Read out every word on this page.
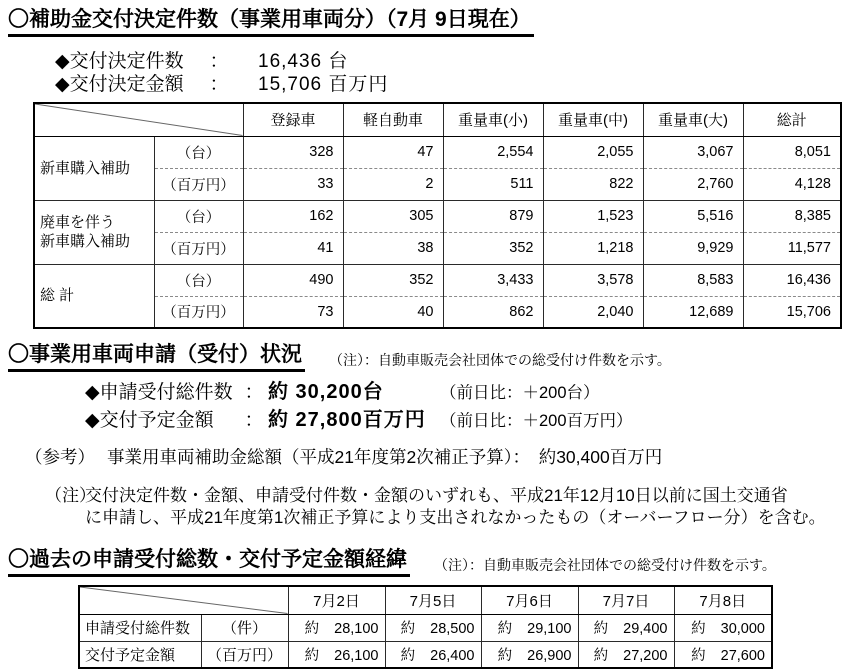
〇補助金交付決定件数（事業用車両分）（7月 9日現在）
◆交付決定件数	： 16,436 台
◆交付決定金額	： 15,706 百万円
	登録車	軽自動車	重量車(小)	重量車(中)	重量車(大)	総計
新車購入補助	（台）	328	47	2,554	2,055	3,067	8,051
	（百万円）	33	2	511	822	2,760	4,128
廃車を伴う
新車購入補助	（台）	162	305	879	1,523	5,516	8,385
	（百万円）	41	38	352	1,218	9,929	11,577
総 計	（台）	490	352	3,433	3,578	8,583	16,436
	（百万円）	73	40	862	2,040	12,689	15,706
〇事業用車両申請（受付）状況 （注）：自動車販売会社団体での総受付け件数を示す。
◆申請受付総件数 ： 約 30,200台	（前日比：＋200台）
◆交付予定金額	： 約 27,800百万円 （前日比：＋200百万円）
（参考） 事業用車両補助金総額（平成21年度第2次補正予算）：　約30,400百万円
（注）
交付決定件数・金額、申請受付件数・金額のいずれも、平成21年12月10日以前に国土交通省
に申請し、平成21年度第1次補正予算により支出されなかったもの（オーバーフロー分）を含む。
〇過去の申請受付総数・交付予定金額経緯 （注）：自動車販売会社団体での総受付け件数を示す。
	7月2日	7月5日	7月6日	7月7日	7月8日
申請受付総件数	（件）	約 28,100	約 28,500	約 29,100	約 29,400	約 30,000
交付予定金額	（百万円）	約 26,100	約 26,400	約 26,900	約 27,200	約 27,600
